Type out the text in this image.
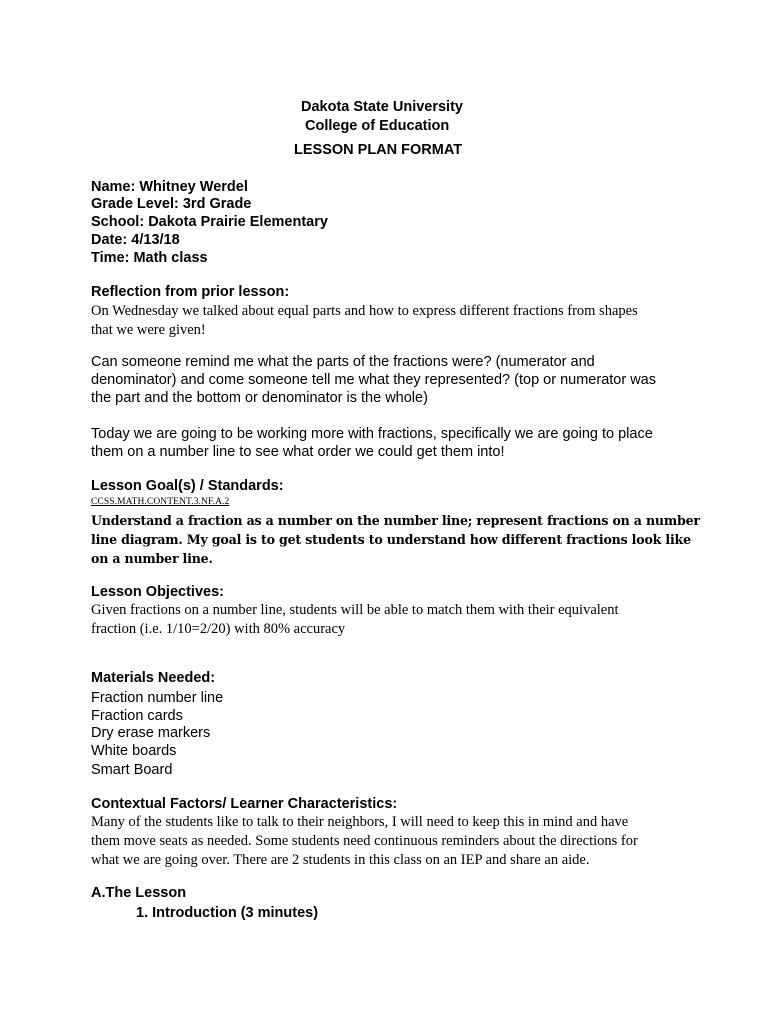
Dakota State University
College of Education
LESSON PLAN FORMAT
Name: Whitney Werdel
Grade Level: 3rd Grade
School: Dakota Prairie Elementary
Date: 4/13/18
Time: Math class
Reflection from prior lesson:
On Wednesday we talked about equal parts and how to express different fractions from shapes
that we were given!
Can someone remind me what the parts of the fractions were? (numerator and
denominator) and come someone tell me what they represented? (top or numerator was
the part and the bottom or denominator is the whole)
Today we are going to be working more with fractions, specifically we are going to place
them on a number line to see what order we could get them into!
Lesson Goal(s) / Standards:
CCSS.MATH.CONTENT.3.NF.A.2
Understand a fraction as a number on the number line; represent fractions on a number
line diagram. My goal is to get students to understand how different fractions look like
on a number line.
Lesson Objectives:
Given fractions on a number line, students will be able to match them with their equivalent
fraction (i.e. 1/10=2/20) with 80% accuracy
Materials Needed:
Fraction number line
Fraction cards
Dry erase markers
White boards
Smart Board
Contextual Factors/ Learner Characteristics:
Many of the students like to talk to their neighbors, I will need to keep this in mind and have
them move seats as needed. Some students need continuous reminders about the directions for
what we are going over. There are 2 students in this class on an IEP and share an aide.
A.The Lesson
1. Introduction (3 minutes)
